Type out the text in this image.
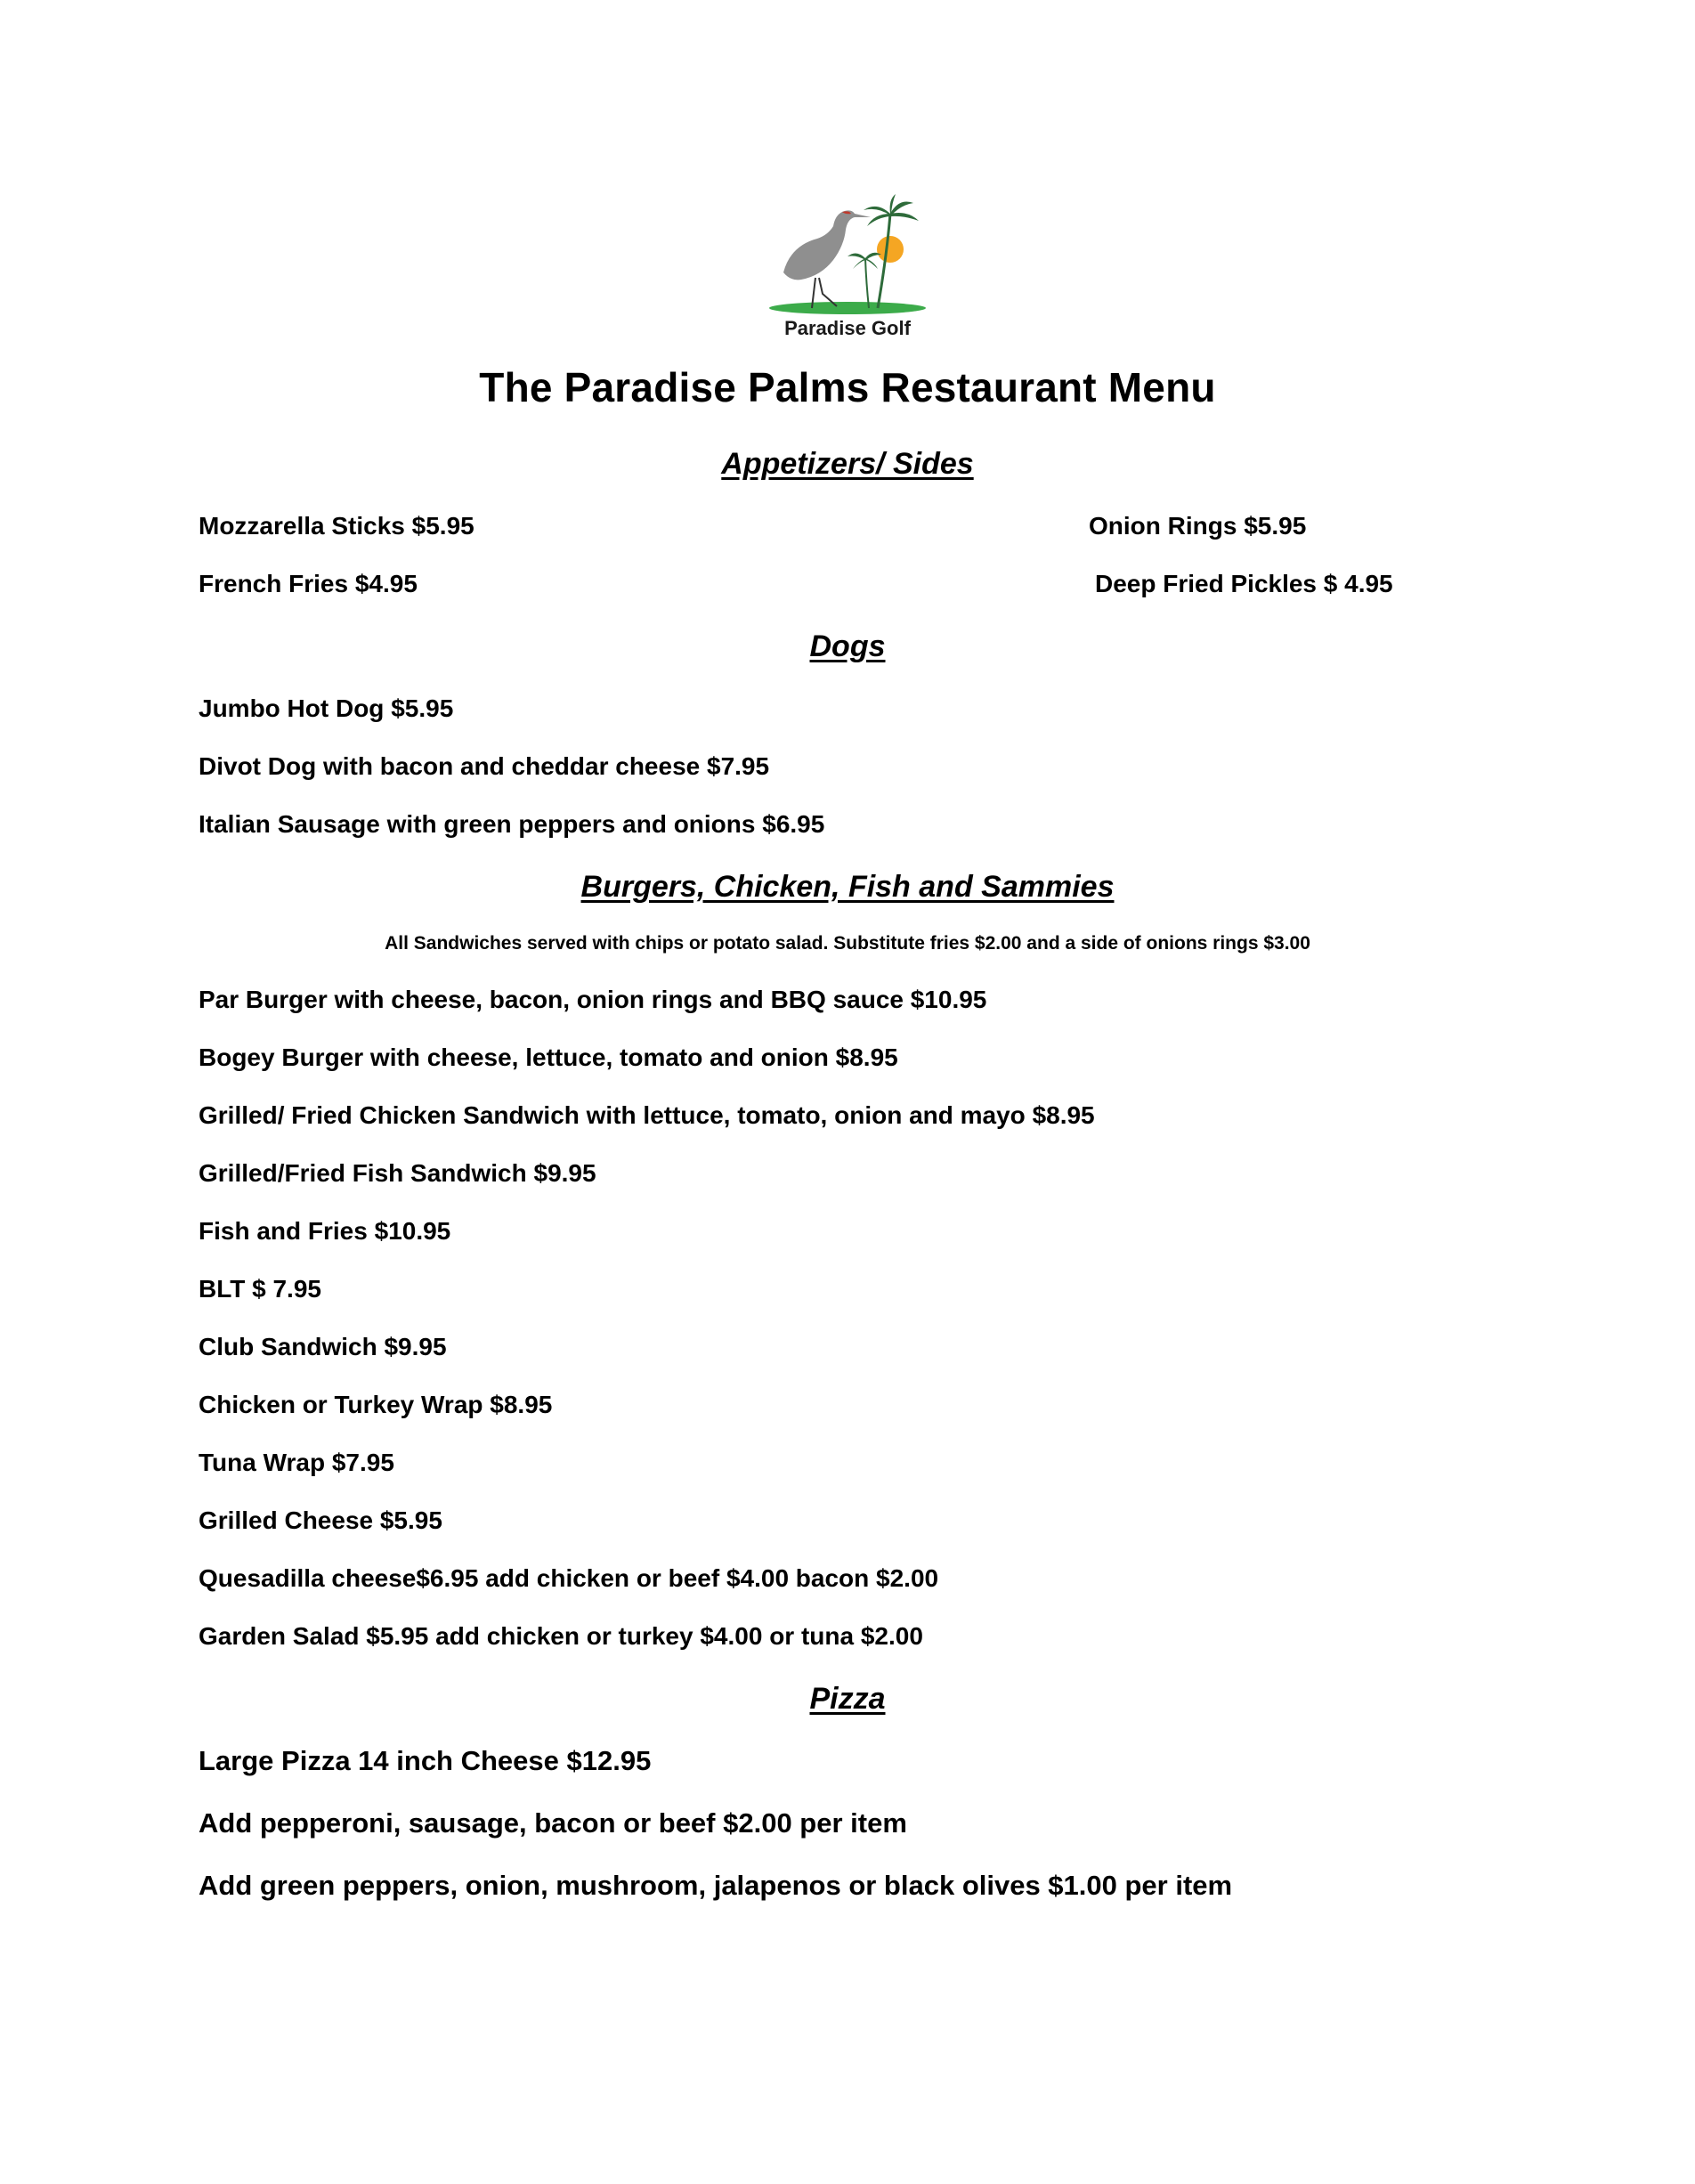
Paradise Golf
The Paradise Palms Restaurant Menu
Appetizers/ Sides
Mozzarella Sticks $5.95	Onion Rings $5.95
French Fries $4.95	Deep Fried Pickles $ 4.95
Dogs
Jumbo Hot Dog $5.95
Divot Dog with bacon and cheddar cheese $7.95
Italian Sausage with green peppers and onions $6.95
Burgers, Chicken, Fish and Sammies
All Sandwiches served with chips or potato salad. Substitute fries $2.00 and a side of onions rings $3.00
Par Burger with cheese, bacon, onion rings and BBQ sauce $10.95
Bogey Burger with cheese, lettuce, tomato and onion $8.95
Grilled/ Fried Chicken Sandwich with lettuce, tomato, onion and mayo $8.95
Grilled/Fried Fish Sandwich $9.95
Fish and Fries $10.95
BLT $ 7.95
Club Sandwich $9.95
Chicken or Turkey Wrap $8.95
Tuna Wrap $7.95
Grilled Cheese $5.95
Quesadilla cheese$6.95 add chicken or beef $4.00 bacon $2.00
Garden Salad $5.95 add chicken or turkey $4.00 or tuna $2.00
Pizza
Large Pizza 14 inch Cheese $12.95
Add pepperoni, sausage, bacon or beef $2.00 per item
Add green peppers, onion, mushroom, jalapenos or black olives $1.00 per item
